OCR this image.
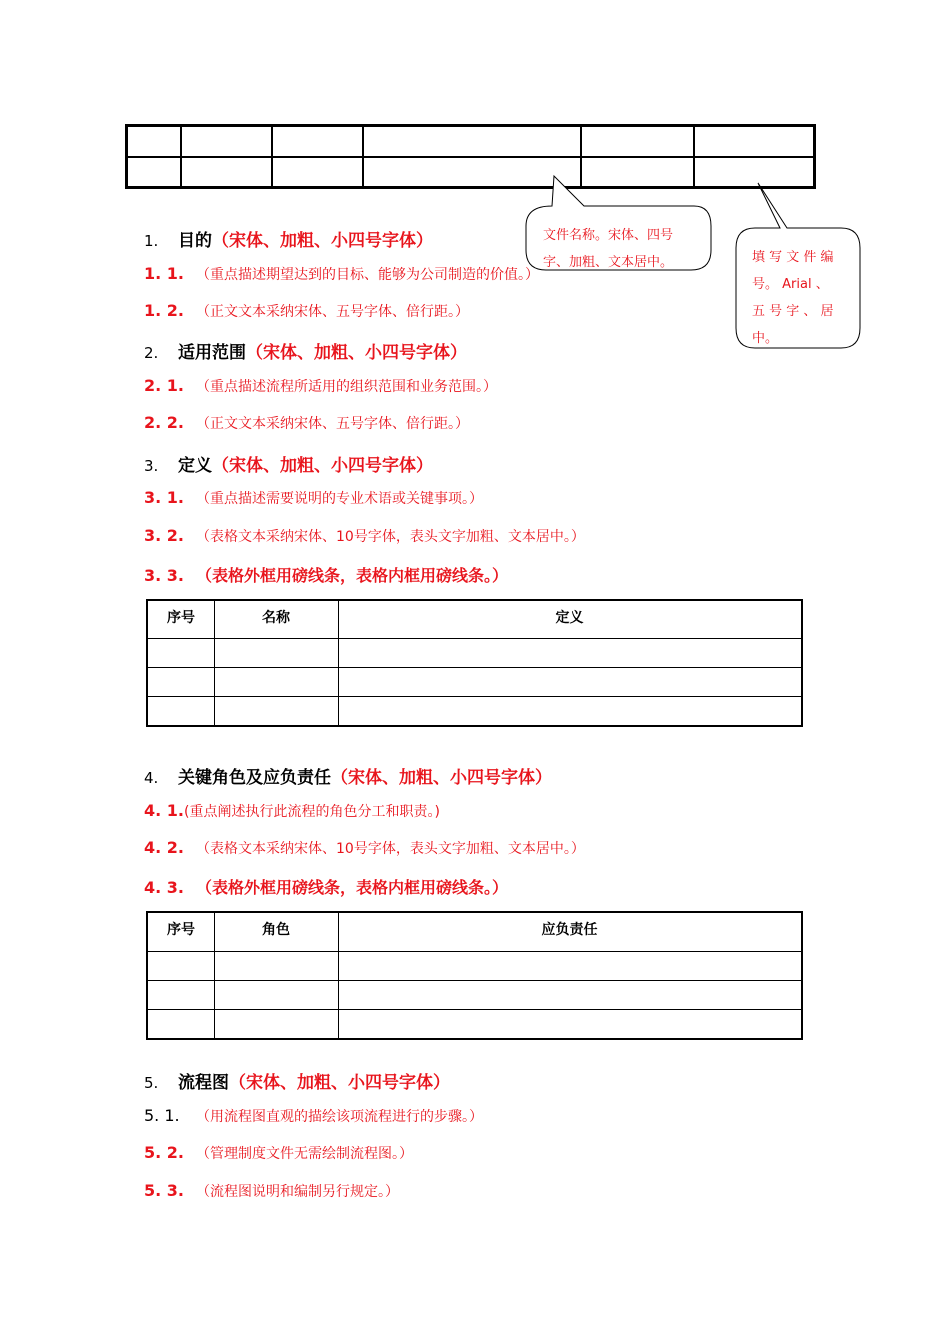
文件名称。宋体、四号
字、加粗、文本居中。	填 写 文 件 编
号。 Arial 、
五 号 字 、 居
中。
1. 目的（宋体、加粗、小四号字体）
1. 1. （重点描述期望达到的目标、能够为公司制造的价值。）
1. 2. （正文文本采纳宋体、五号字体、倍行距。）
2. 适用范围（宋体、加粗、小四号字体）
2. 1. （重点描述流程所适用的组织范围和业务范围。）
2. 2. （正文文本采纳宋体、五号字体、倍行距。）
3. 定义（宋体、加粗、小四号字体）
3. 1. （重点描述需要说明的专业术语或关键事项。）
3. 2. （表格文本采纳宋体、10号字体，表头文字加粗、文本居中。）
3. 3. （表格外框用磅线条，表格内框用磅线条。）
序号	名称	定义
4. 关键角色及应负责任（宋体、加粗、小四号字体）
4. 1.(重点阐述执行此流程的角色分工和职责。)
4. 2. （表格文本采纳宋体、10号字体，表头文字加粗、文本居中。）
4. 3. （表格外框用磅线条，表格内框用磅线条。）
序号	角色	应负责任
5. 流程图（宋体、加粗、小四号字体）
5. 1. （用流程图直观的描绘该项流程进行的步骤。）
5. 2. （管理制度文件无需绘制流程图。）
5. 3. （流程图说明和编制另行规定。）
